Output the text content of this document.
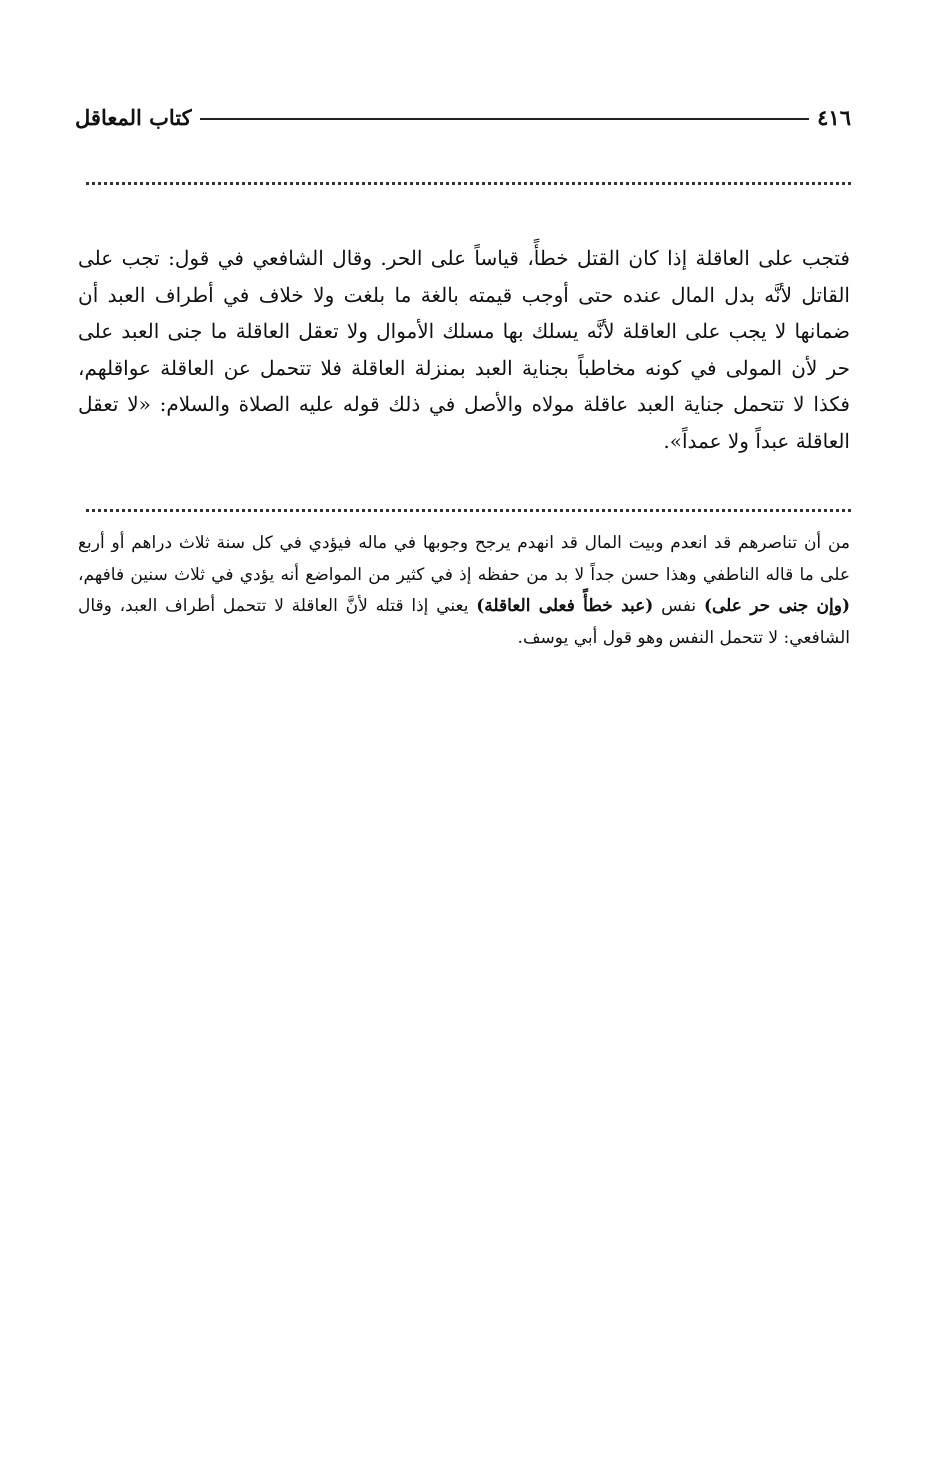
٤١٦
كتاب المعاقل

فتجب على العاقلة إذا كان القتل خطأً، قياساً على الحر. وقال الشافعي في قول: تجب على القاتل لأنَّه بدل المال عنده حتى أوجب قيمته بالغة ما بلغت ولا خلاف في أطراف العبد أن ضمانها لا يجب على العاقلة لأنَّه يسلك بها مسلك الأموال ولا تعقل العاقلة ما جنى العبد على حر لأن المولى في كونه مخاطباً بجناية العبد بمنزلة العاقلة فلا تتحمل عن العاقلة عواقلهم، فكذا لا تتحمل جناية العبد عاقلة مولاه والأصل في ذلك قوله عليه الصلاة والسلام: «لا تعقل العاقلة عبداً ولا عمداً».

من أن تناصرهم قد انعدم وبيت المال قد انهدم يرجح وجوبها في ماله فيؤدي في كل سنة ثلاث دراهم أو أربع على ما قاله الناطفي وهذا حسن جداً لا بد من حفظه إذ في كثير من المواضع أنه يؤدي في ثلاث سنين فافهم، (وإن جنى حر على) نفس (عبد خطأً فعلى العاقلة) يعني إذا قتله لأنَّ العاقلة لا تتحمل أطراف العبد، وقال الشافعي: لا تتحمل النفس وهو قول أبي يوسف.
